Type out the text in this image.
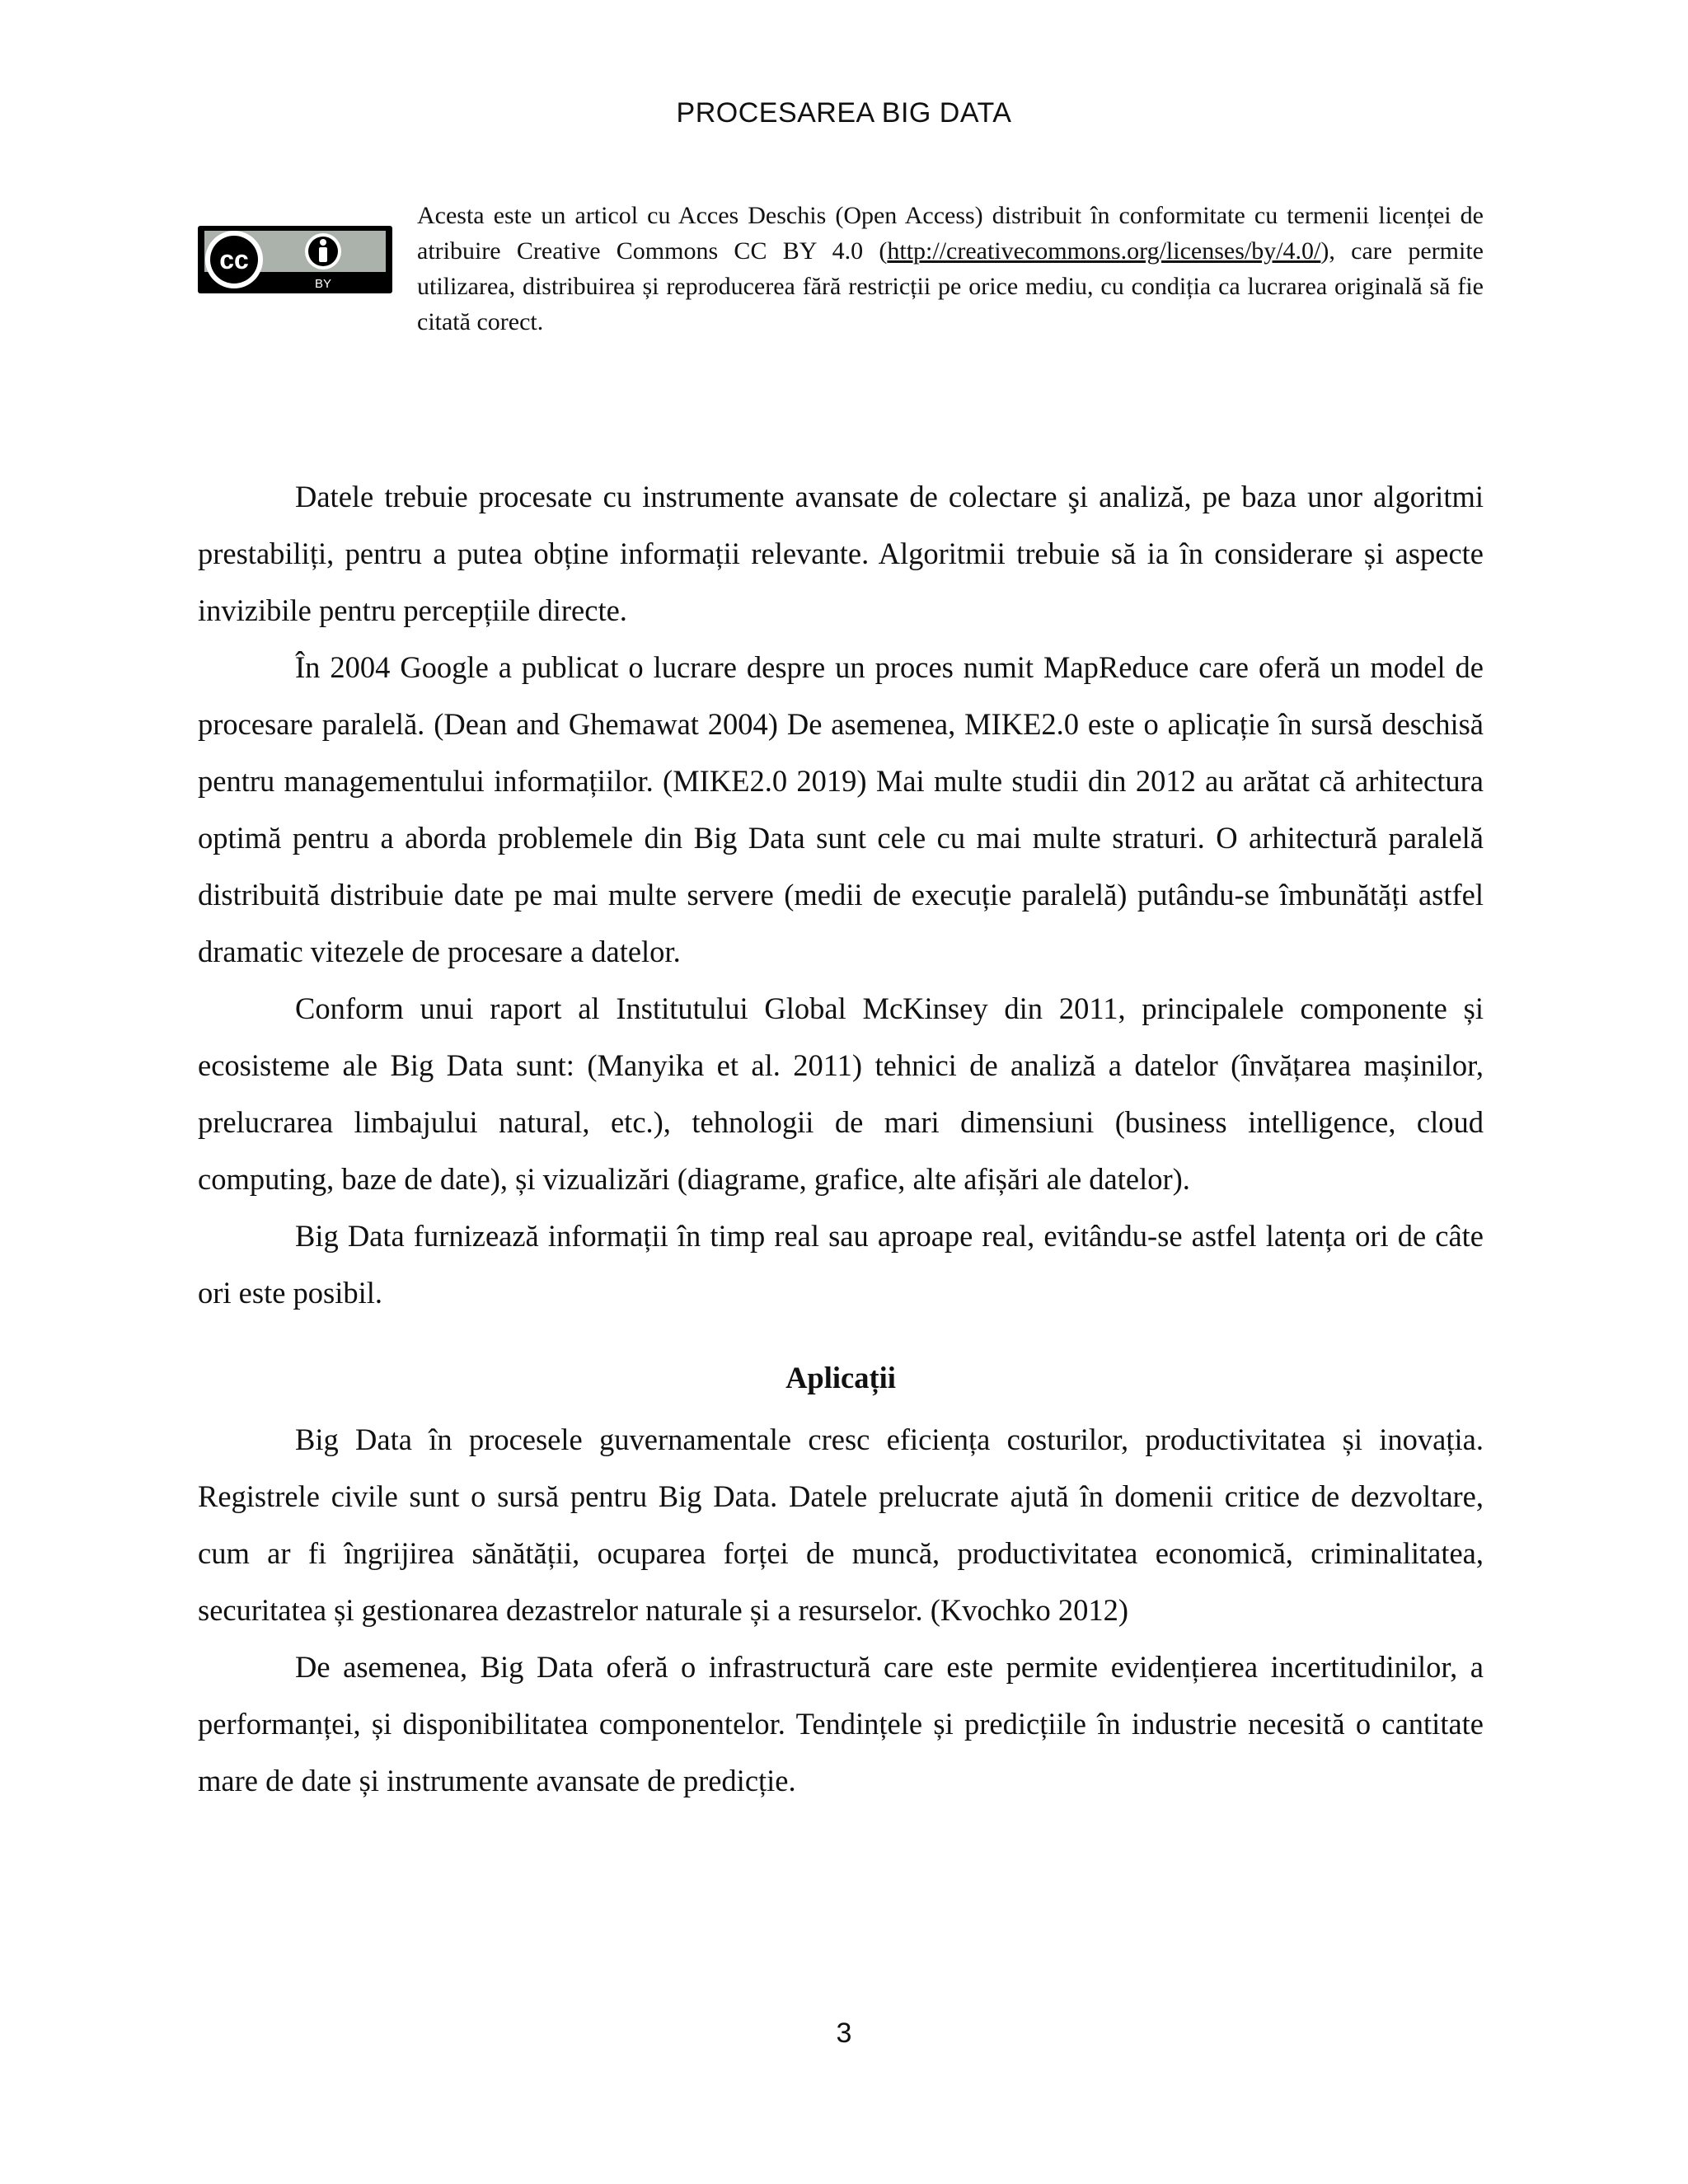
PROCESAREA BIG DATA
cc
BY
Acesta este un articol cu Acces Deschis (Open Access) distribuit în conformitate cu termenii licenței de atribuire Creative Commons CC BY 4.0 (http://creativecommons.org/licenses/by/4.0/), care permite utilizarea, distribuirea și reproducerea fără restricții pe orice mediu, cu condiția ca lucrarea originală să fie citată corect.

Datele trebuie procesate cu instrumente avansate de colectare şi analiză, pe baza unor algoritmi prestabiliți, pentru a putea obține informații relevante. Algoritmii trebuie să ia în considerare și aspecte invizibile pentru percepțiile directe.

În 2004 Google a publicat o lucrare despre un proces numit MapReduce care oferă un model de procesare paralelă. (Dean and Ghemawat 2004) De asemenea, MIKE2.0 este o aplicație în sursă deschisă pentru managementului informațiilor. (MIKE2.0 2019) Mai multe studii din 2012 au arătat că arhitectura optimă pentru a aborda problemele din Big Data sunt cele cu mai multe straturi. O arhitectură paralelă distribuită distribuie date pe mai multe servere (medii de execuție paralelă) putându-se îmbunătăți astfel dramatic vitezele de procesare a datelor.

Conform unui raport al Institutului Global McKinsey din 2011, principalele componente și ecosisteme ale Big Data sunt: (Manyika et al. 2011) tehnici de analiză a datelor (învățarea mașinilor, prelucrarea limbajului natural, etc.), tehnologii de mari dimensiuni (business intelligence, cloud computing, baze de date), și vizualizări (diagrame, grafice, alte afișări ale datelor).

Big Data furnizează informații în timp real sau aproape real, evitându-se astfel latența ori de câte ori este posibil.

Aplicații

Big Data în procesele guvernamentale cresc eficiența costurilor, productivitatea și inovația. Registrele civile sunt o sursă pentru Big Data. Datele prelucrate ajută în domenii critice de dezvoltare, cum ar fi îngrijirea sănătății, ocuparea forței de muncă, productivitatea economică, criminalitatea, securitatea și gestionarea dezastrelor naturale și a resurselor. (Kvochko 2012)

De asemenea, Big Data oferă o infrastructură care este permite evidențierea incertitudinilor, a performanței, și disponibilitatea componentelor. Tendințele și predicțiile în industrie necesită o cantitate mare de date și instrumente avansate de predicție.

3
